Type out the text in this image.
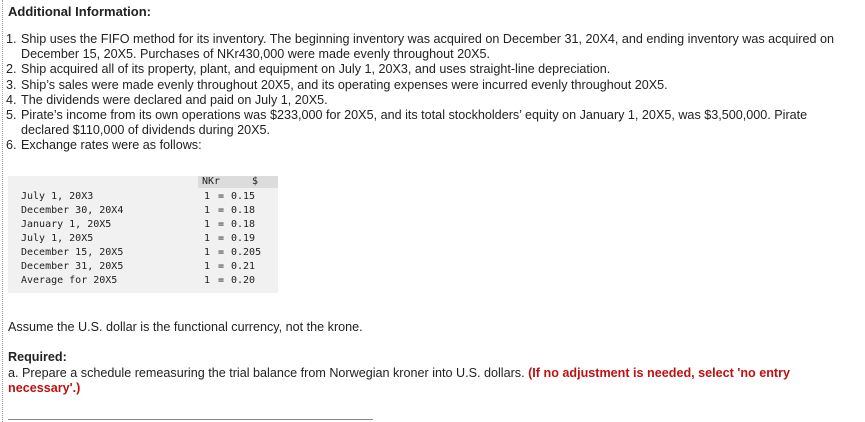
Additional Information:
1. Ship uses the FIFO method for its inventory. The beginning inventory was acquired on December 31, 20X4, and ending inventory was acquired on December 15, 20X5. Purchases of NKr430,000 were made evenly throughout 20X5.
2. Ship acquired all of its property, plant, and equipment on July 1, 20X3, and uses straight-line depreciation.
3. Ship’s sales were made evenly throughout 20X5, and its operating expenses were incurred evenly throughout 20X5.
4. The dividends were declared and paid on July 1, 20X5.
5. Pirate’s income from its own operations was $233,000 for 20X5, and its total stockholders’ equity on January 1, 20X5, was $3,500,000. Pirate declared $110,000 of dividends during 20X5.
6. Exchange rates were as follows:
NKr	$
July 1, 20X3	1 = 0.15
December 30, 20X4	1 = 0.18
January 1, 20X5	1 = 0.18
July 1, 20X5	1 = 0.19
December 15, 20X5	1 = 0.205
December 31, 20X5	1 = 0.21
Average for 20X5	1 = 0.20
Assume the U.S. dollar is the functional currency, not the krone.
Required:
a. Prepare a schedule remeasuring the trial balance from Norwegian kroner into U.S. dollars. (If no adjustment is needed, select 'no entry necessary'.)
